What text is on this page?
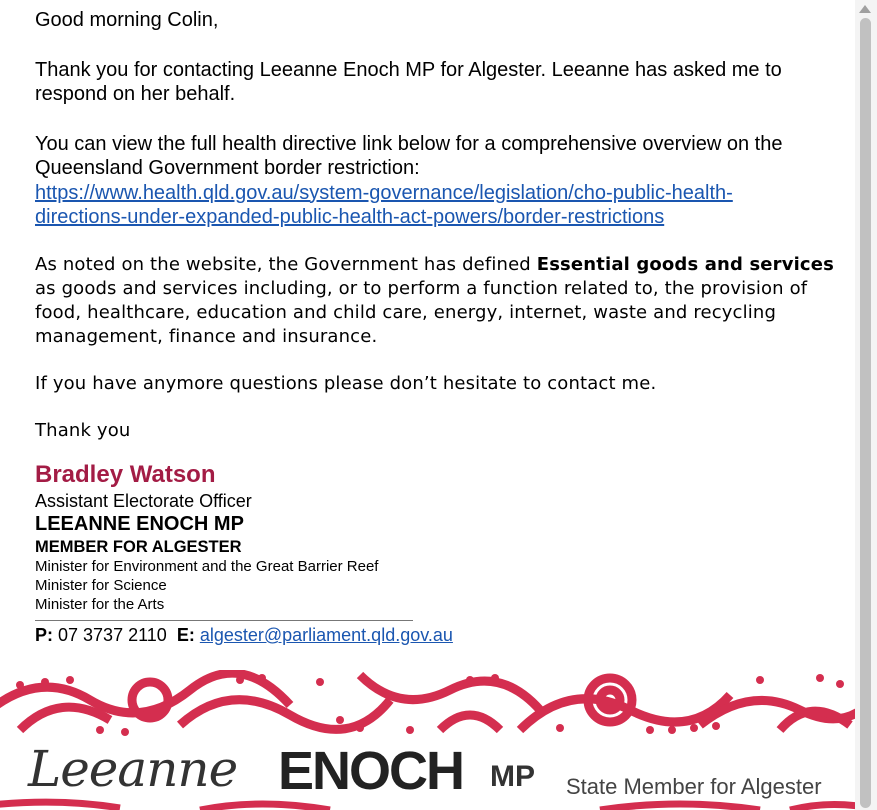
Good morning Colin,

Thank you for contacting Leeanne Enoch MP for Algester. Leeanne has asked me to

respond on her behalf.

You can view the full health directive link below for a comprehensive overview on the

Queensland Government border restriction:

https://www.health.qld.gov.au/system-governance/legislation/cho-public-health-

directions-under-expanded-public-health-act-powers/border-restrictions

As noted on the website, the Government has defined Essential goods and services as goods and services including, or to perform a function related to, the provision of food, healthcare, education and child care, energy, internet, waste and recycling management, finance and insurance.

If you have anymore questions please don’t hesitate to contact me.

Thank you

Bradley Watson

Assistant Electorate Officer

LEEANNE ENOCH MP

MEMBER FOR ALGESTER

Minister for Environment and the Great Barrier Reef

Minister for Science

Minister for the Arts

P: 07 3737 2110 E: algester@parliament.qld.gov.au

Leeanne ENOCH MP State Member for Algester
